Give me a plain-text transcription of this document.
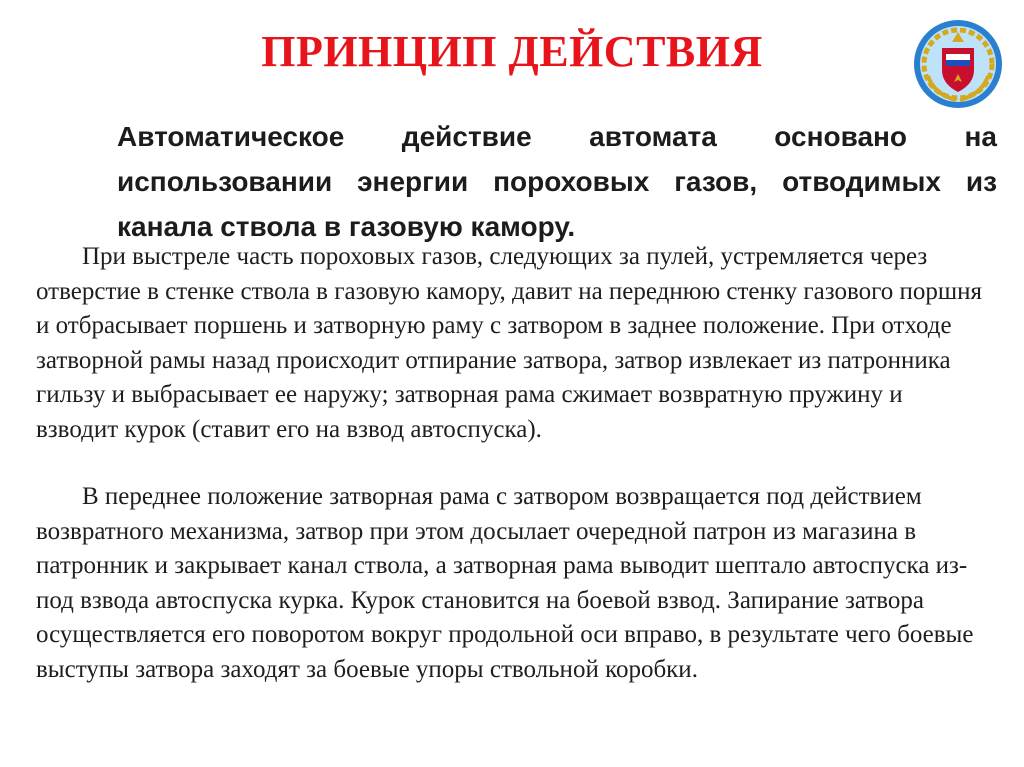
ПРИНЦИП ДЕЙСТВИЯ

Автоматическое действие автомата основано на использовании энергии пороховых газов, отводимых из канала ствола в газовую камору.

При выстреле часть пороховых газов, следующих за пулей, устремляется через отверстие в стенке ствола в газовую камору, давит на переднюю стенку газового поршня и отбрасывает поршень и затворную раму с затвором в заднее положение. При отходе затворной рамы назад происходит отпирание затвора, затвор извлекает из патронника гильзу и выбрасывает ее наружу; затворная рама сжимает возвратную пружину и взводит курок (ставит его на взвод автоспуска).

В переднее положение затворная рама с затвором возвращается под действием возвратного механизма, затвор при этом досылает очередной патрон из магазина в патронник и закрывает канал ствола, а затворная рама выводит шептало автоспуска из-под взвода автоспуска курка. Курок становится на боевой взвод. Запирание затвора осуществляется его поворотом вокруг продольной оси вправо, в результате чего боевые выступы затвора заходят за боевые упоры ствольной коробки.
